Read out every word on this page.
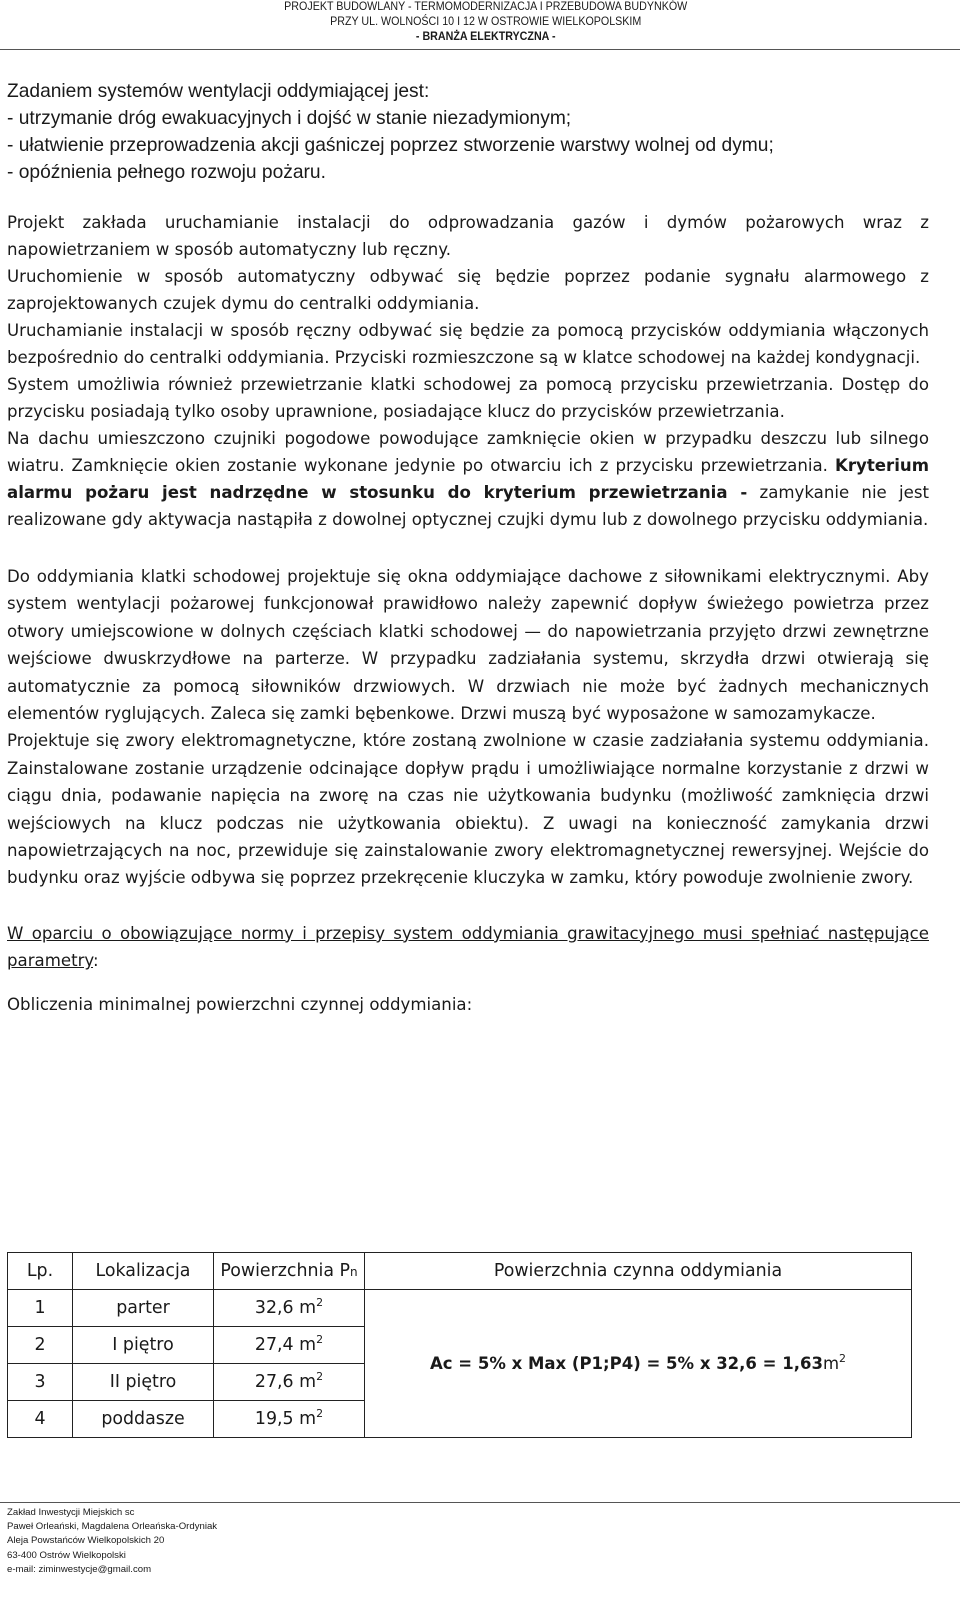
PROJEKT BUDOWLANY - TERMOMODERNIZACJA I PRZEBUDOWA BUDYNKÓW
PRZY UL. WOLNOŚCI 10 I 12 W OSTROWIE WIELKOPOLSKIM
- BRANŻA ELEKTRYCZNA -
Zadaniem systemów wentylacji oddymiającej jest:
- utrzymanie dróg ewakuacyjnych i dojść w stanie niezadymionym;
- ułatwienie przeprowadzenia akcji gaśniczej poprzez stworzenie warstwy wolnej od dymu;
- opóźnienia pełnego rozwoju pożaru.

Projekt zakłada uruchamianie instalacji do odprowadzania gazów i dymów pożarowych wraz z napowietrzaniem w sposób automatyczny lub ręczny.

Uruchomienie w sposób automatyczny odbywać się będzie poprzez podanie sygnału alarmowego z zaprojektowanych czujek dymu do centralki oddymiania.

Uruchamianie instalacji w sposób ręczny odbywać się będzie za pomocą przycisków oddymiania włączonych bezpośrednio do centralki oddymiania. Przyciski rozmieszczone są w klatce schodowej na każdej kondygnacji.

System umożliwia również przewietrzanie klatki schodowej za pomocą przycisku przewietrzania. Dostęp do przycisku posiadają tylko osoby uprawnione, posiadające klucz do przycisków przewietrzania.

Na dachu umieszczono czujniki pogodowe powodujące zamknięcie okien w przypadku deszczu lub silnego wiatru. Zamknięcie okien zostanie wykonane jedynie po otwarciu ich z przycisku przewietrzania. Kryterium alarmu pożaru jest nadrzędne w stosunku do kryterium przewietrzania - zamykanie nie jest realizowane gdy aktywacja nastąpiła z dowolnej optycznej czujki dymu lub z dowolnego przycisku oddymiania.

Do oddymiania klatki schodowej projektuje się okna oddymiające dachowe z siłownikami elektrycznymi. Aby system wentylacji pożarowej funkcjonował prawidłowo należy zapewnić dopływ świeżego powietrza przez otwory umiejscowione w dolnych częściach klatki schodowej — do napowietrzania przyjęto drzwi zewnętrzne wejściowe dwuskrzydłowe na parterze. W przypadku zadziałania systemu, skrzydła drzwi otwierają się automatycznie za pomocą siłowników drzwiowych. W drzwiach nie może być żadnych mechanicznych elementów ryglujących. Zaleca się zamki bębenkowe. Drzwi muszą być wyposażone w samozamykacze.

Projektuje się zwory elektromagnetyczne, które zostaną zwolnione w czasie zadziałania systemu oddymiania. Zainstalowane zostanie urządzenie odcinające dopływ prądu i umożliwiające normalne korzystanie z drzwi w ciągu dnia, podawanie napięcia na zworę na czas nie użytkowania budynku (możliwość zamknięcia drzwi wejściowych na klucz podczas nie użytkowania obiektu). Z uwagi na konieczność zamykania drzwi napowietrzających na noc, przewiduje się zainstalowanie zwory elektromagnetycznej rewersyjnej. Wejście do budynku oraz wyjście odbywa się poprzez przekręcenie kluczyka w zamku, który powoduje zwolnienie zwory.

W oparciu o obowiązujące normy i przepisy system oddymiania grawitacyjnego musi spełniać następujące parametry:

Obliczenia minimalnej powierzchni czynnej oddymiania:

Lp.	Lokalizacja	Powierzchnia Pn	Powierzchnia czynna oddymiania
1	parter	32,6 $m^2$	Ac = 5% x Max (P1;P4) = 5% x $32,6 = 1,63m^2$
2	I piętro	27,4 $m^2$
3	II piętro	27,6 $m^2$
4	poddasze	19,5 $m^2$
Zakład Inwestycji Miejskich sc
Paweł Orleański, Magdalena Orleańska-Ordyniak
Aleja Powstańców Wielkopolskich 20
63-400 Ostrów Wielkopolski
e-mail: ziminwestycje@gmail.com
